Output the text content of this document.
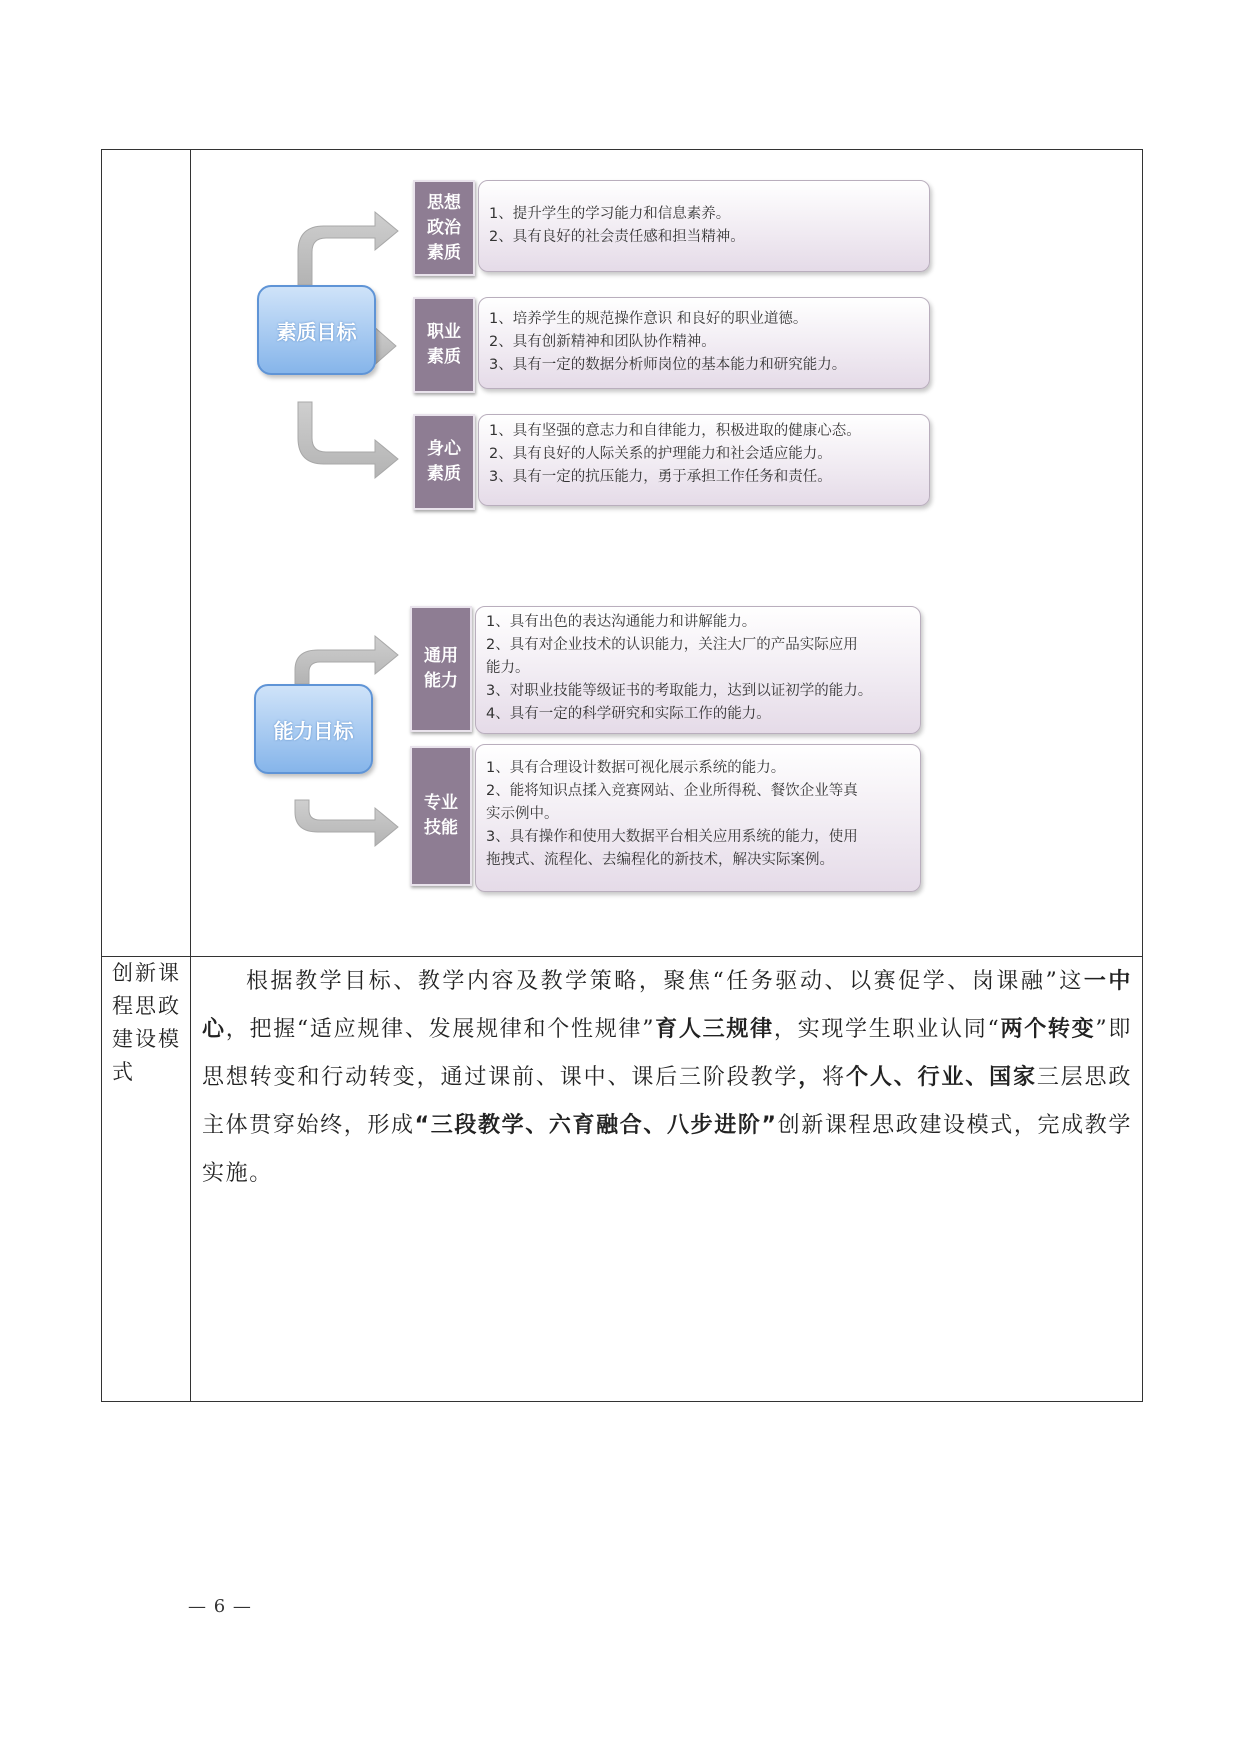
素质目标
能力目标
思想
政治
素质
1、提升学生的学习能力和信息素养。
2、具有良好的社会责任感和担当精神。
职业
素质
1、培养学生的规范操作意识 和良好的职业道德。
2、具有创新精神和团队协作精神。
3、具有一定的数据分析师岗位的基本能力和研究能力。
身心
素质
1、具有坚强的意志力和自律能力，积极进取的健康心态。
2、具有良好的人际关系的护理能力和社会适应能力。
3、具有一定的抗压能力，勇于承担工作任务和责任。
通用
能力
1、具有出色的表达沟通能力和讲解能力。
2、具有对企业技术的认识能力，关注大厂的产品实际应用
能力。
3、对职业技能等级证书的考取能力，达到以证初学的能力。
4、具有一定的科学研究和实际工作的能力。
专业
技能
1、具有合理设计数据可视化展示系统的能力。
2、能将知识点揉入竞赛网站、企业所得税、餐饮企业等真
实示例中。
3、具有操作和使用大数据平台相关应用系统的能力，使用
拖拽式、流程化、去编程化的新技术，解决实际案例。
创新课程思政建设模式
根据教学目标、教学内容及教学策略，聚焦“任务驱动、以赛促学、岗课融”这一中心，把握“适应规律、发展规律和个性规律”育人三规律，实现学生职业认同“两个转变”即思想转变和行动转变，通过课前、课中、课后三阶段教学，将个人、行业、国家三层思政主体贯穿始终，形成“三段教学、六育融合、八步进阶”创新课程思政建设模式，完成教学实施。
— 6 —
